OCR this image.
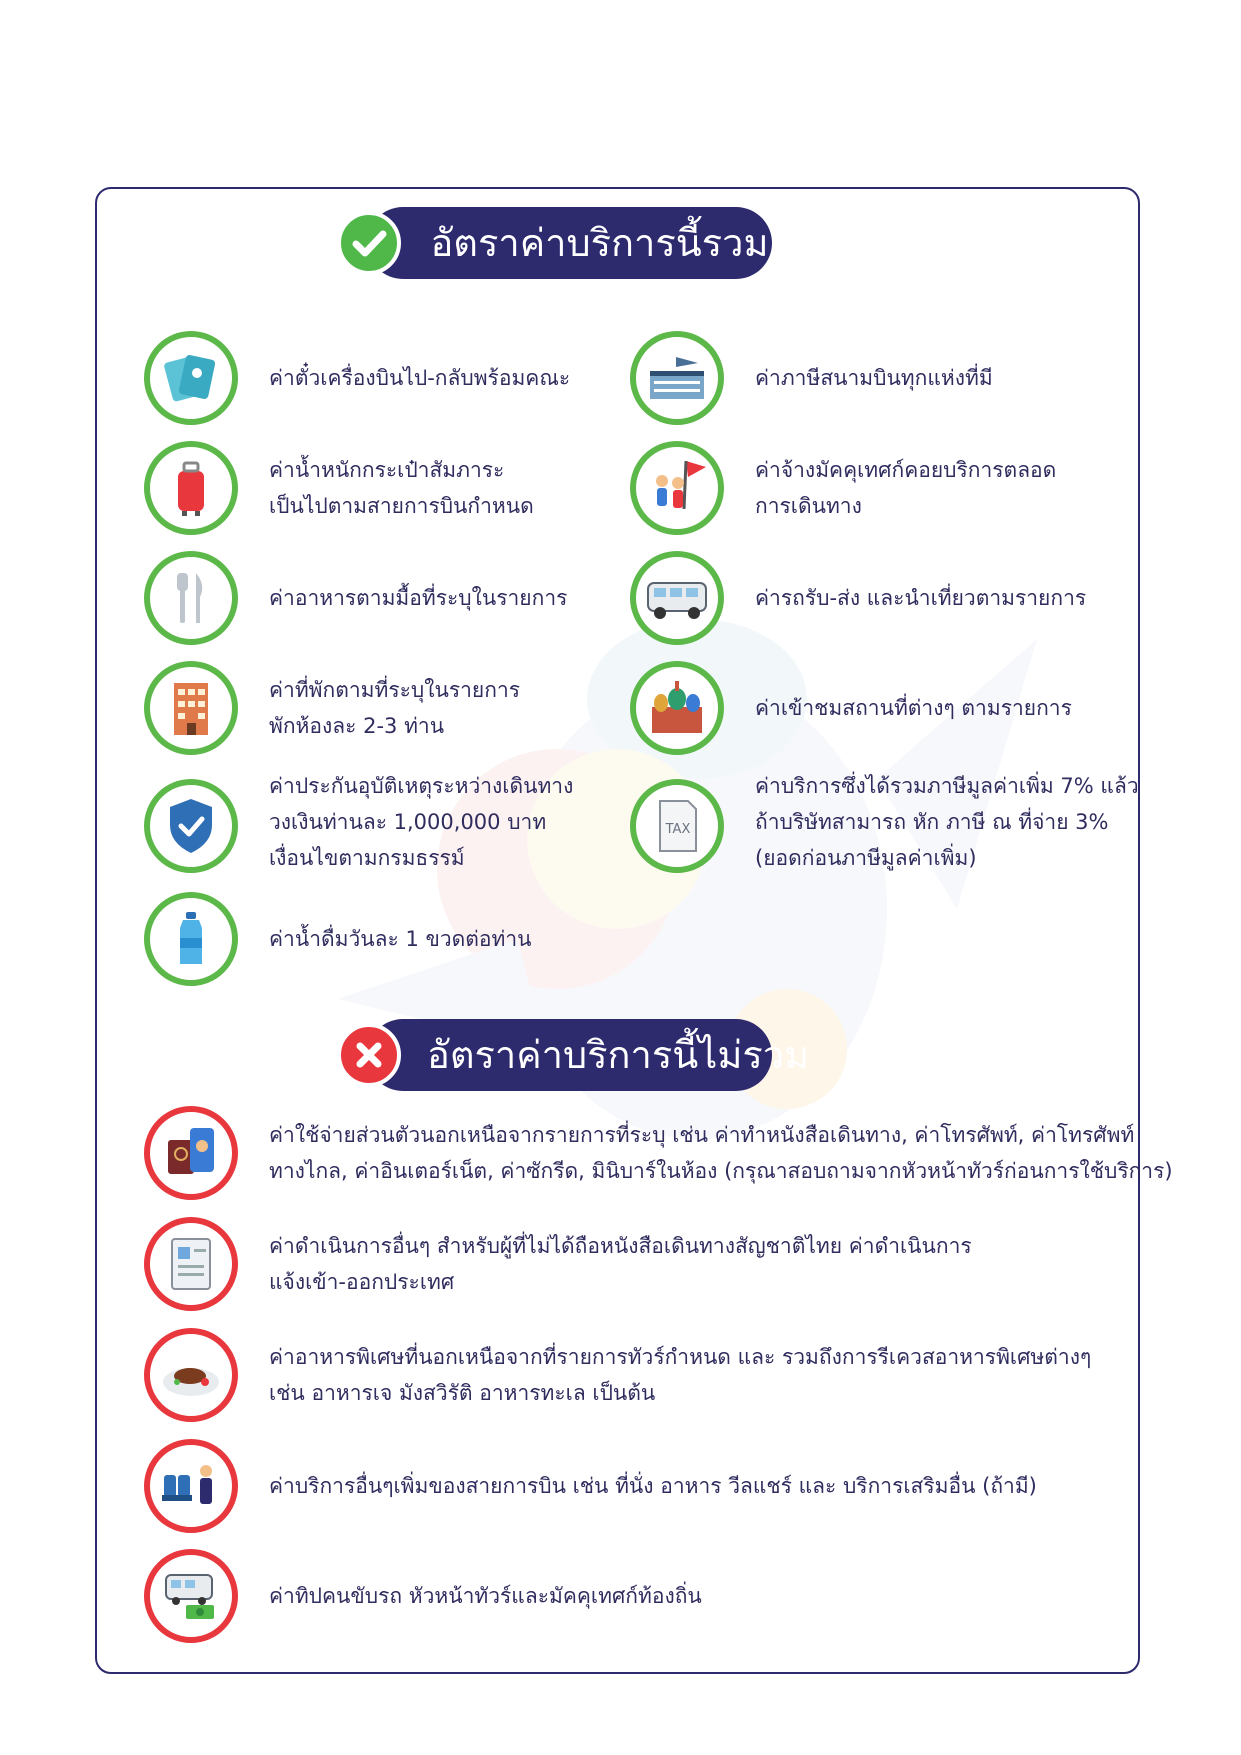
อัตราค่าบริการนี้รวม
ค่าตั๋วเครื่องบินไป-กลับพร้อมคณะ	ค่าภาษีสนามบินทุกแห่งที่มี
ค่าน้ำหนักกระเป๋าสัมภาระ
เป็นไปตามสายการบินกำหนด
ค่าจ้างมัคคุเทศก์คอยบริการตลอด
การเดินทาง
ค่าอาหารตามมื้อที่ระบุในรายการ	ค่ารถรับ-ส่ง และนำเที่ยวตามรายการ
ค่าที่พักตามที่ระบุในรายการ
พักห้องละ 2-3 ท่าน
ค่าเข้าชมสถานที่ต่างๆ ตามรายการ
ค่าประกันอุบัติเหตุระหว่างเดินทาง
วงเงินท่านละ 1,000,000 บาท
เงื่อนไขตามกรมธรรม์
TAX
ค่าบริการซึ่งได้รวมภาษีมูลค่าเพิ่ม 7% แล้ว
ถ้าบริษัทสามารถ หัก ภาษี ณ ที่จ่าย 3%
(ยอดก่อนภาษีมูลค่าเพิ่ม)
ค่าน้ำดื่มวันละ 1 ขวดต่อท่าน
อัตราค่าบริการนี้ไม่รวม
ค่าใช้จ่ายส่วนตัวนอกเหนือจากรายการที่ระบุ เช่น ค่าทำหนังสือเดินทาง, ค่าโทรศัพท์, ค่าโทรศัพท์
ทางไกล, ค่าอินเตอร์เน็ต, ค่าซักรีด, มินิบาร์ในห้อง (กรุณาสอบถามจากหัวหน้าทัวร์ก่อนการใช้บริการ)
ค่าดำเนินการอื่นๆ สำหรับผู้ที่ไม่ได้ถือหนังสือเดินทางสัญชาติไทย ค่าดำเนินการ
แจ้งเข้า-ออกประเทศ
ค่าอาหารพิเศษที่นอกเหนือจากที่รายการทัวร์กำหนด และ รวมถึงการรีเควสอาหารพิเศษต่างๆ
เช่น อาหารเจ มังสวิรัติ อาหารทะเล เป็นต้น
ค่าบริการอื่นๆเพิ่มของสายการบิน เช่น ที่นั่ง อาหาร วีลแชร์ และ บริการเสริมอื่น (ถ้ามี)
ค่าทิปคนขับรถ หัวหน้าทัวร์และมัคคุเทศก์ท้องถิ่น
